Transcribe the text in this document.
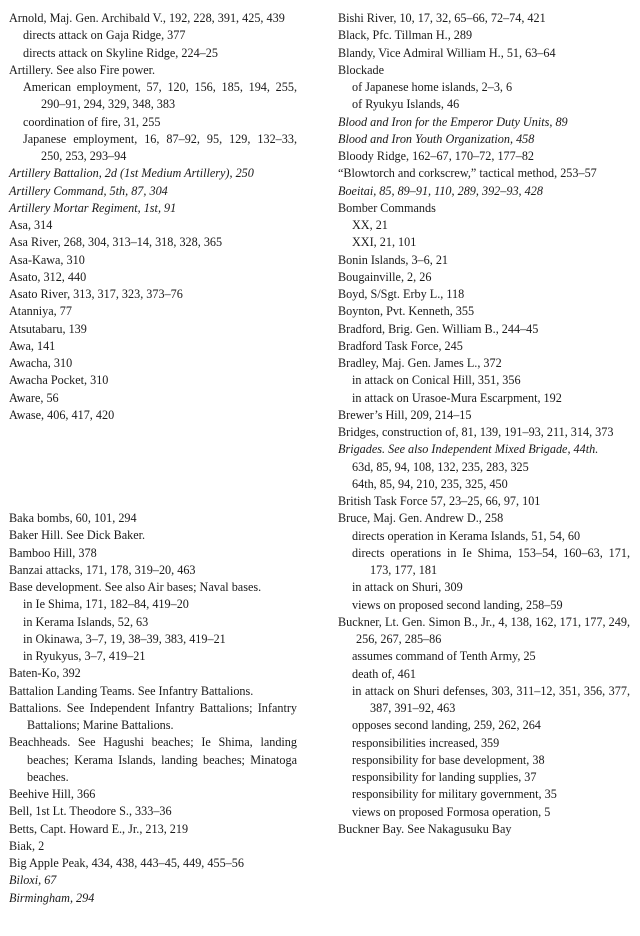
Arnold, Maj. Gen. Archibald V., 192, 228, 391, 425, 439
directs attack on Gaja Ridge, 377
directs attack on Skyline Ridge, 224–25
Artillery. See also Fire power.
American employment, 57, 120, 156, 185, 194, 255, 290–91, 294, 329, 348, 383
coordination of fire, 31, 255
Japanese employment, 16, 87–92, 95, 129, 132–33, 250, 253, 293–94
Artillery Battalion, 2d (1st Medium Artillery), 250
Artillery Command, 5th, 87, 304
Artillery Mortar Regiment, 1st, 91
Asa, 314
Asa River, 268, 304, 313–14, 318, 328, 365
Asa-Kawa, 310
Asato, 312, 440
Asato River, 313, 317, 323, 373–76
Atanniya, 77
Atsutabaru, 139
Awa, 141
Awacha, 310
Awacha Pocket, 310
Aware, 56
Awase, 406, 417, 420
Baka bombs, 60, 101, 294
Baker Hill. See Dick Baker.
Bamboo Hill, 378
Banzai attacks, 171, 178, 319–20, 463
Base development. See also Air bases; Naval bases.
in Ie Shima, 171, 182–84, 419–20
in Kerama Islands, 52, 63
in Okinawa, 3–7, 19, 38–39, 383, 419–21
in Ryukyus, 3–7, 419–21
Baten-Ko, 392
Battalion Landing Teams. See Infantry Battalions.
Battalions. See Independent Infantry Battalions; Infantry Battalions; Marine Battalions.
Beachheads. See Hagushi beaches; Ie Shima, landing beaches; Kerama Islands, landing beaches; Minatoga beaches.
Beehive Hill, 366
Bell, 1st Lt. Theodore S., 333–36
Betts, Capt. Howard E., Jr., 213, 219
Biak, 2
Big Apple Peak, 434, 438, 443–45, 449, 455–56
Biloxi, 67
Birmingham, 294
Bishi River, 10, 17, 32, 65–66, 72–74, 421
Black, Pfc. Tillman H., 289
Blandy, Vice Admiral William H., 51, 63–64
Blockade
of Japanese home islands, 2–3, 6
of Ryukyu Islands, 46
Blood and Iron for the Emperor Duty Units, 89
Blood and Iron Youth Organization, 458
Bloody Ridge, 162–67, 170–72, 177–82
“Blowtorch and corkscrew,” tactical method, 253–57
Boeitai, 85, 89–91, 110, 289, 392–93, 428
Bomber Commands
XX, 21
XXI, 21, 101
Bonin Islands, 3–6, 21
Bougainville, 2, 26
Boyd, S/Sgt. Erby L., 118
Boynton, Pvt. Kenneth, 355
Bradford, Brig. Gen. William B., 244–45
Bradford Task Force, 245
Bradley, Maj. Gen. James L., 372
in attack on Conical Hill, 351, 356
in attack on Urasoe-Mura Escarpment, 192
Brewer’s Hill, 209, 214–15
Bridges, construction of, 81, 139, 191–93, 211, 314, 373
Brigades. See also Independent Mixed Brigade, 44th.
63d, 85, 94, 108, 132, 235, 283, 325
64th, 85, 94, 210, 235, 325, 450
British Task Force 57, 23–25, 66, 97, 101
Bruce, Maj. Gen. Andrew D., 258
directs operation in Kerama Islands, 51, 54, 60
directs operations in Ie Shima, 153–54, 160–63, 171, 173, 177, 181
in attack on Shuri, 309
views on proposed second landing, 258–59
Buckner, Lt. Gen. Simon B., Jr., 4, 138, 162, 171, 177, 249, 256, 267, 285–86
assumes command of Tenth Army, 25
death of, 461
in attack on Shuri defenses, 303, 311–12, 351, 356, 377, 387, 391–92, 463
opposes second landing, 259, 262, 264
responsibilities increased, 359
responsibility for base development, 38
responsibility for landing supplies, 37
responsibility for military government, 35
views on proposed Formosa operation, 5
Buckner Bay. See Nakagusuku Bay
